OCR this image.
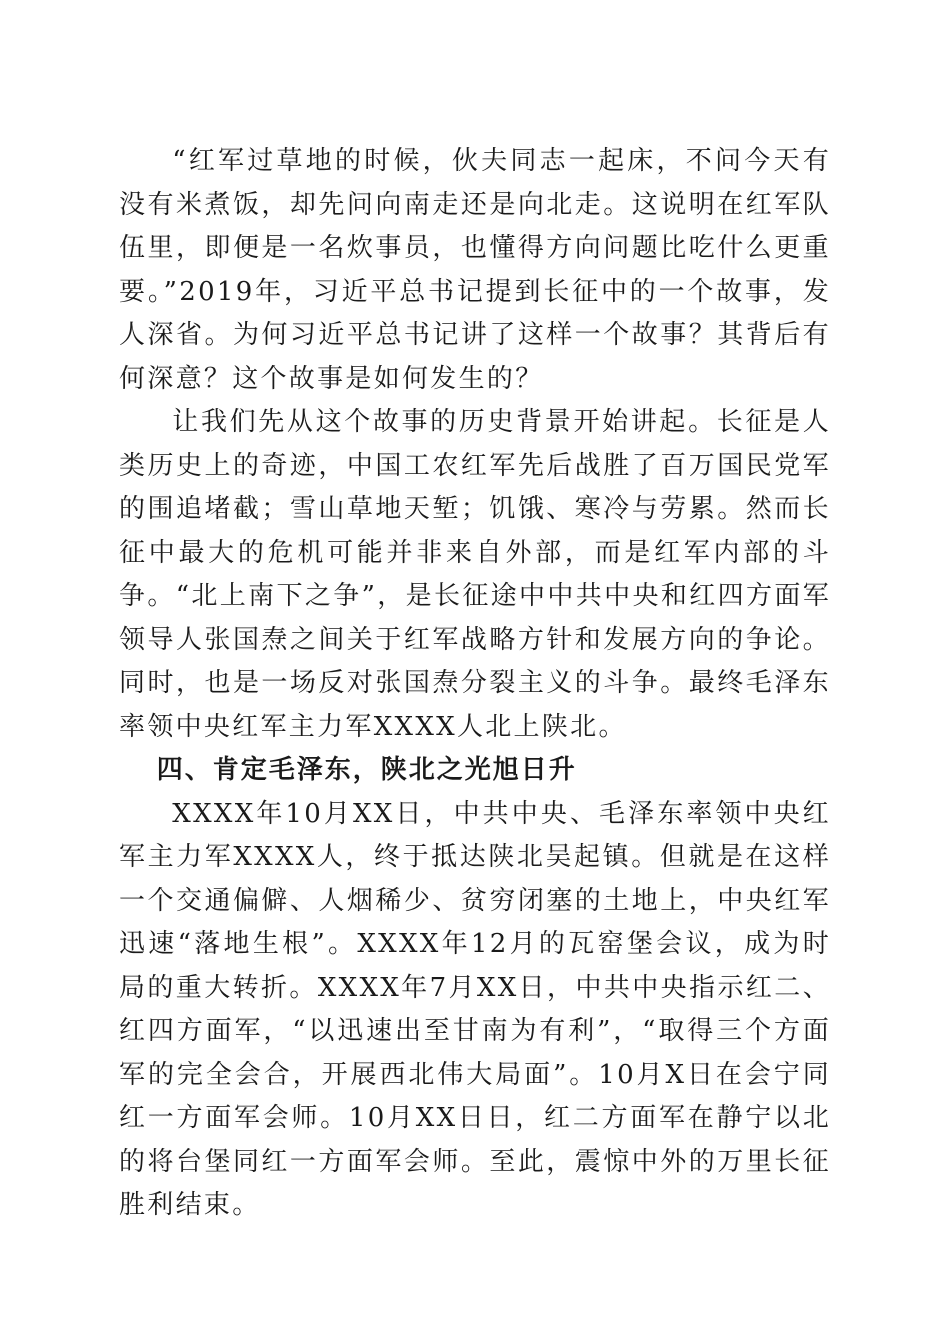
“红军过草地的时候，伙夫同志一起床，不问今天有没有米煮饭，却先问向南走还是向北走。这说明在红军队伍里，即便是一名炊事员，也懂得方向问题比吃什么更重要。”2019年，习近平总书记提到长征中的一个故事，发人深省。为何习近平总书记讲了这样一个故事？其背后有何深意？这个故事是如何发生的？

让我们先从这个故事的历史背景开始讲起。长征是人类历史上的奇迹，中国工农红军先后战胜了百万国民党军的围追堵截；雪山草地天堑；饥饿、寒冷与劳累。然而长征中最大的危机可能并非来自外部，而是红军内部的斗争。“北上南下之争”，是长征途中中共中央和红四方面军领导人张国焘之间关于红军战略方针和发展方向的争论。同时，也是一场反对张国焘分裂主义的斗争。最终毛泽东率领中央红军主力军XXXX人北上陕北。

四、肯定毛泽东，陕北之光旭日升

XXXX年10月XX日，中共中央、毛泽东率领中央红军主力军XXXX人，终于抵达陕北吴起镇。但就是在这样一个交通偏僻、人烟稀少、贫穷闭塞的土地上，中央红军迅速“落地生根”。XXXX年12月的瓦窑堡会议，成为时局的重大转折。XXXX年7月XX日，中共中央指示红二、红四方面军，“以迅速出至甘南为有利”，“取得三个方面军的完全会合，开展西北伟大局面”。10月X日在会宁同红一方面军会师。10月XX日日，红二方面军在静宁以北的将台堡同红一方面军会师。至此，震惊中外的万里长征胜利结束。
